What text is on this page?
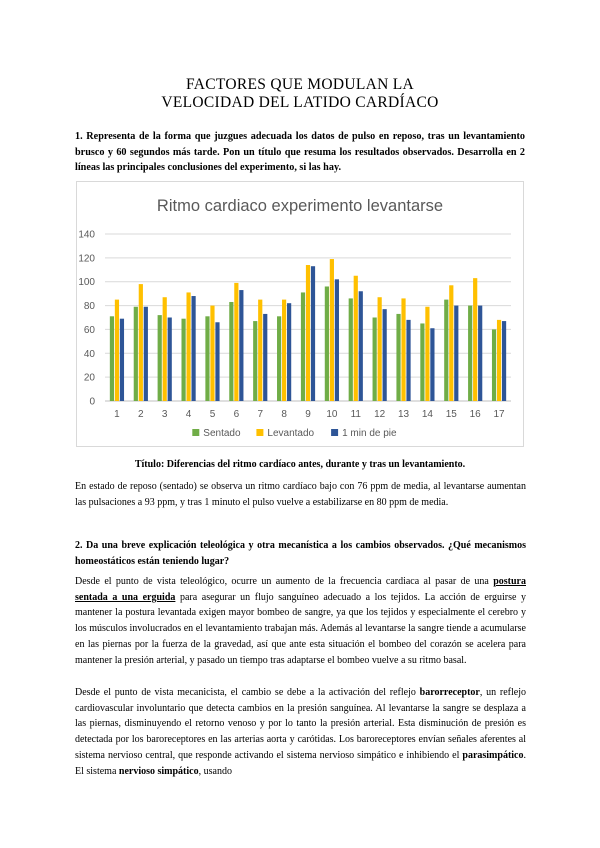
FACTORES QUE MODULAN LA
VELOCIDAD DEL LATIDO CARDÍACO
1. Representa de la forma que juzgues adecuada los datos de pulso en reposo, tras un levantamiento brusco y 60 segundos más tarde. Pon un título que resuma los resultados observados. Desarrolla en 2 líneas las principales conclusiones del experimento, si las hay.
Ritmo cardiaco experimento levantarse
0
20
40
60
80
100
120
140
1 2 3 4 5 6 7 8 9 10 11 12 13 14 15 16 17
Sentado	Levantado	1 min de pie
Título: Diferencias del ritmo cardíaco antes, durante y tras un levantamiento.
En estado de reposo (sentado) se observa un ritmo cardíaco bajo con 76 ppm de media, al levantarse aumentan las pulsaciones a 93 ppm, y tras 1 minuto el pulso vuelve a estabilizarse en 80 ppm de media.
2. Da una breve explicación teleológica y otra mecanística a los cambios observados. ¿Qué mecanismos homeostáticos están teniendo lugar?
Desde el punto de vista teleológico, ocurre un aumento de la frecuencia cardiaca al pasar de una postura sentada a una erguida para asegurar un flujo sanguíneo adecuado a los tejidos. La acción de erguirse y mantener la postura levantada exigen mayor bombeo de sangre, ya que los tejidos y especialmente el cerebro y los músculos involucrados en el levantamiento trabajan más. Además al levantarse la sangre tiende a acumularse en las piernas por la fuerza de la gravedad, así que ante esta situación el bombeo del corazón se acelera para mantener la presión arterial, y pasado un tiempo tras adaptarse el bombeo vuelve a su ritmo basal.
Desde el punto de vista mecanicista, el cambio se debe a la activación del reflejo barorreceptor, un reflejo cardiovascular involuntario que detecta cambios en la presión sanguínea. Al levantarse la sangre se desplaza a las piernas, disminuyendo el retorno venoso y por lo tanto la presión arterial. Esta disminución de presión es detectada por los baroreceptores en las arterias aorta y carótidas. Los baroreceptores envían señales aferentes al sistema nervioso central, que responde activando el sistema nervioso simpático e inhibiendo el parasimpático. El sistema nervioso simpático, usando
